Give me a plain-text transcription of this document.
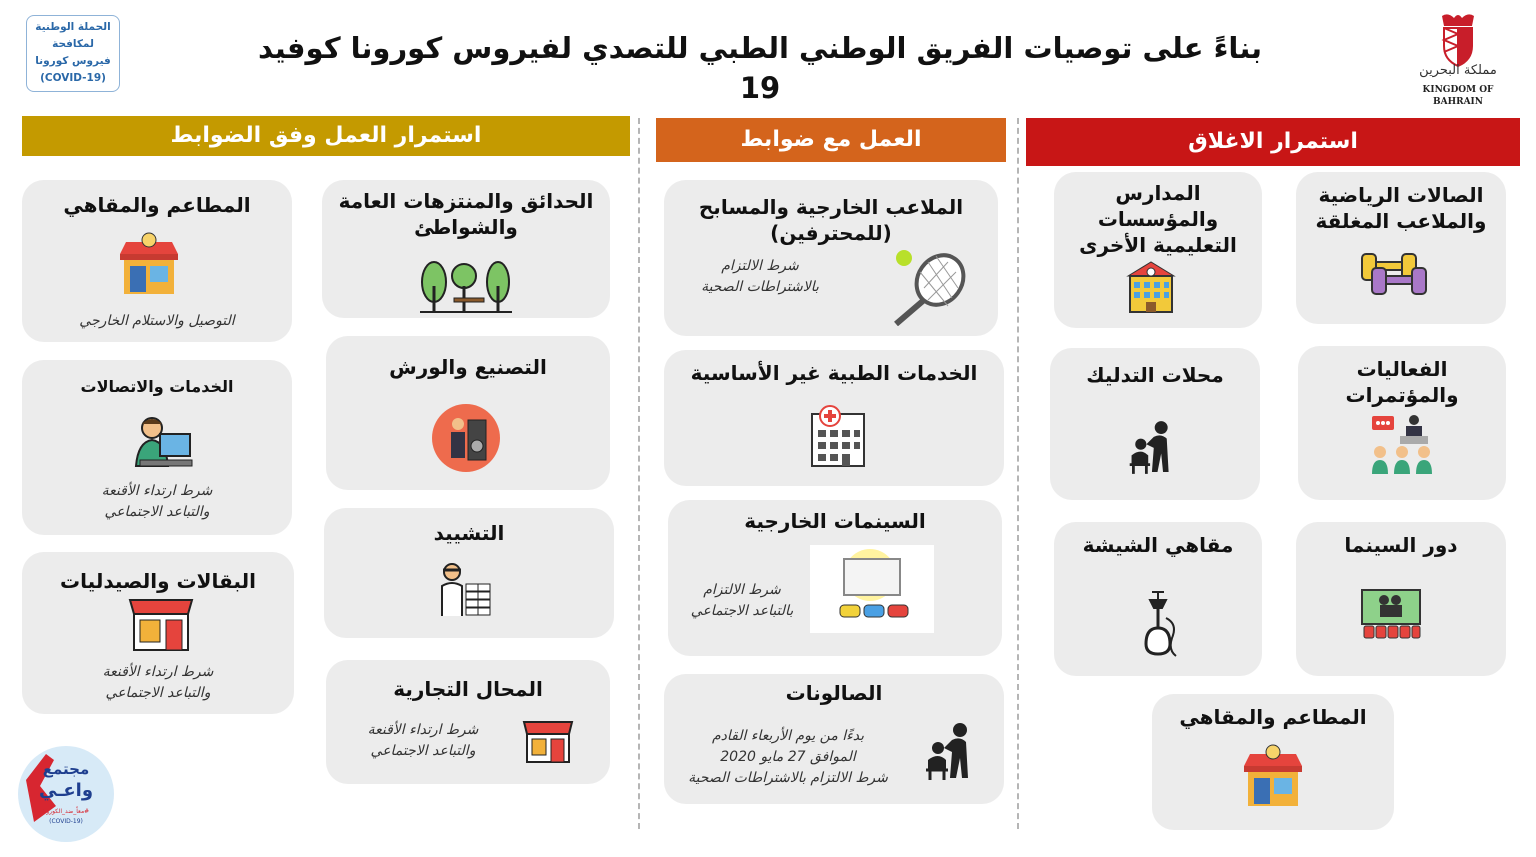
الحملة الوطنية
لمكافحة
فيروس كورونا
(COVID-19)
بناءً على توصيات الفريق الوطني الطبي للتصدي لفيروس كورونا كوفيد 19
مملكة البحرين
KINGDOM OF BAHRAIN
استمرار العمل وفق الضوابط	العمل مع ضوابط	استمرار الاغلاق
المطاعم والمقاهي
التوصيل والاستلام الخارجي
الحدائق والمنتزهات العامة والشواطئ
الخدمات والاتصالات
شرط ارتداء الأقنعة
والتباعد الاجتماعي
التصنيع والورش
البقالات والصيدليات
شرط ارتداء الأقنعة
والتباعد الاجتماعي
التشييد
المحال التجارية
شرط ارتداء الأقنعة
والتباعد الاجتماعي
مجتمع
واعـي
#معاً_ضد_الكورونا
(COVID-19)
الملاعب الخارجية والمسابح
(للمحترفين)
شرط الالتزام
بالاشتراطات الصحية
الخدمات الطبية غير الأساسية
السينمات الخارجية
شرط الالتزام
بالتباعد الاجتماعي
الصالونات
بدءًا من يوم الأربعاء القادم
الموافق 27 مايو 2020
شرط الالتزام بالاشتراطات الصحية
الصالات الرياضية
والملاعب المغلقة
المدارس
والمؤسسات
التعليمية الأخرى
الفعاليات والمؤتمرات
محلات التدليك
دور السينما
مقاهي الشيشة
المطاعم والمقاهي
